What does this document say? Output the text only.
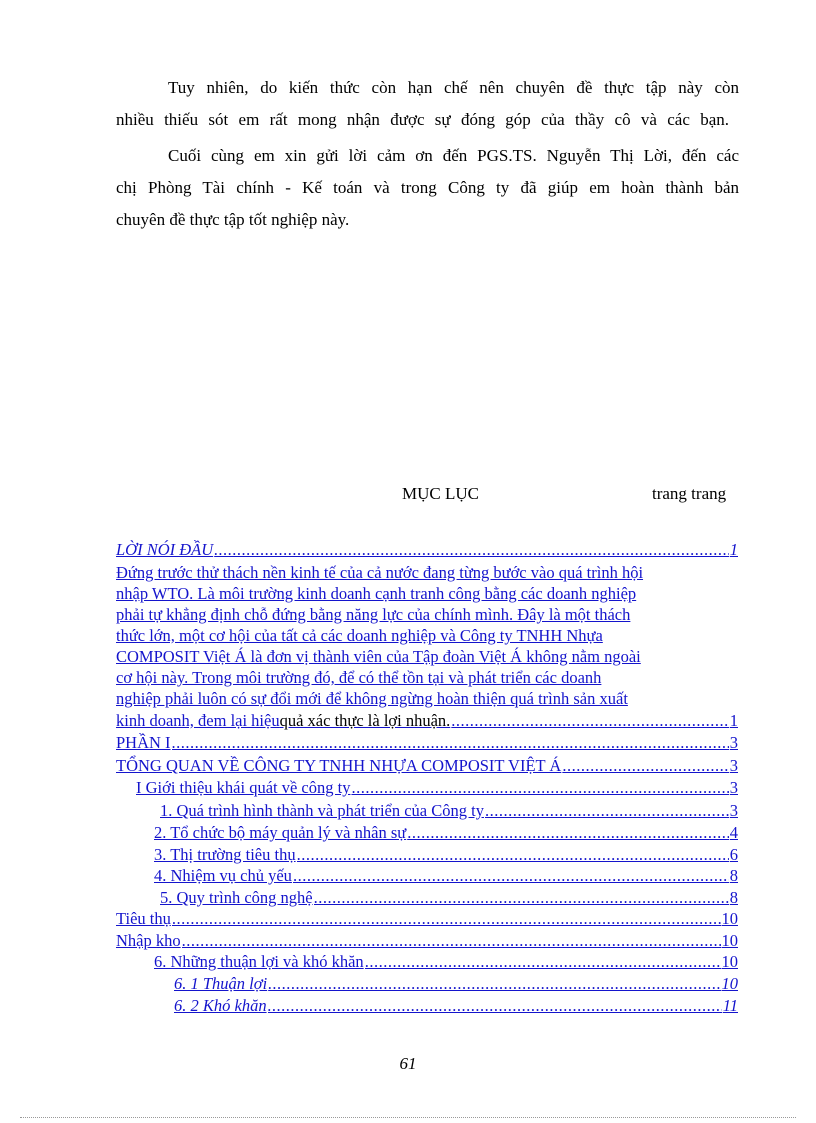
Tuy nhiên, do kiến thức còn hạn chế nên chuyên đề thực tập này còn

nhiều thiếu sót em rất mong nhận được sự đóng góp của thầy cô và các bạn.

Cuối cùng em xin gửi lời cảm ơn đến PGS.TS. Nguyễn Thị Lời, đến các

chị Phòng Tài chính - Kế toán và trong Công ty đã giúp em hoàn thành bản

chuyên đề thực tập tốt nghiệp này.

MỤC LỤC	trang trang
LỜI NÓI ĐẦU .....	1
Đứng trước thử thách nền kinh tế của cả nước đang từng bước vào quá trình hội
nhập WTO. Là môi trường kinh doanh cạnh tranh công bằng các doanh nghiệp
phải tự khẳng định chỗ đứng bằng năng lực của chính mình. Đây là một thách
thức lớn, một cơ hội của tất cả các doanh nghiệp và Công ty TNHH Nhựa
COMPOSIT Việt Á là đơn vị thành viên của Tập đoàn Việt Á không nằm ngoài
cơ hội này. Trong môi trường đó, để có thể tồn tại và phát triển các doanh
nghiệp phải luôn có sự đổi mới để không ngừng hoàn thiện quá trình sản xuất
kinh doanh, đem lại hiệu quả xác thực là lợi nhuận. .....	1
PHẦN I .....	3
TỔNG QUAN VỀ CÔNG TY TNHH NHỰA COMPOSIT VIỆT Á .....	3
I Giới thiệu khái quát về công ty .....	3
1. Quá trình hình thành và phát triển của Công ty .....	3
2. Tổ chức bộ máy quản lý và nhân sự .....	4
3. Thị trường tiêu thụ .....	6
4. Nhiệm vụ chủ yếu .....	8
5. Quy trình công nghệ .....	8
Tiêu thụ .....	10
Nhập kho .....	10
6. Những thuận lợi và khó khăn .....	10
6. 1 Thuận lợi .....	10
6. 2 Khó khăn .....	11
61
